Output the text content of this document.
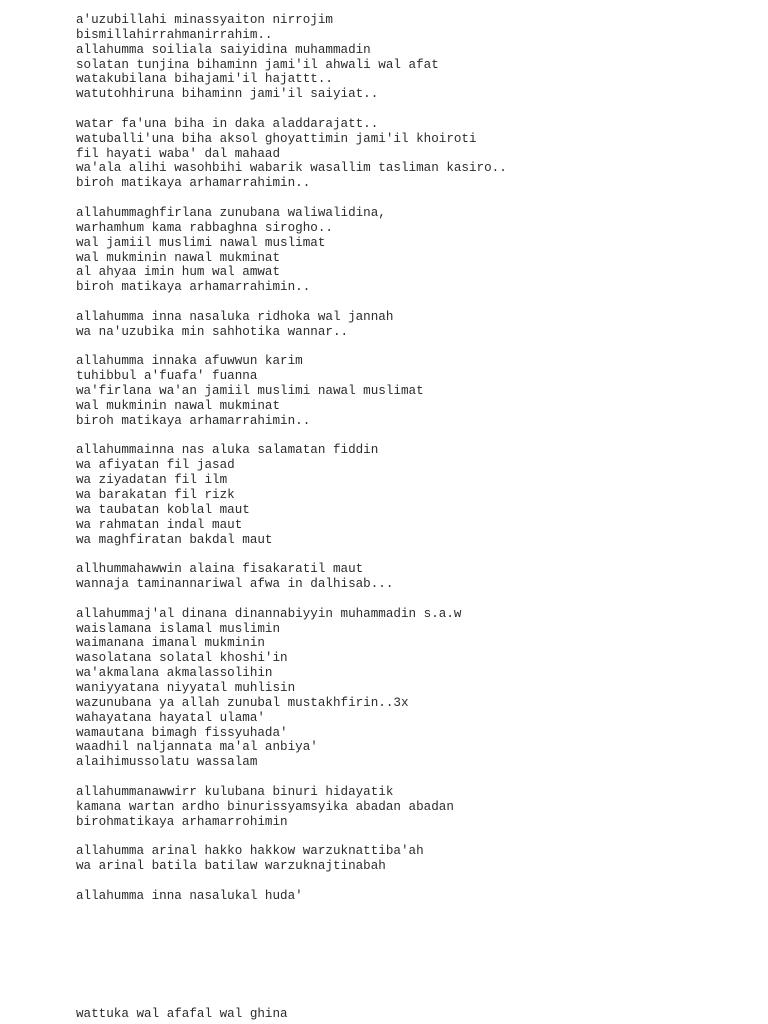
a'uzubillahi minassyaiton nirrojim
bismillahirrahmanirrahim..
allahumma soiliala saiyidina muhammadin
solatan tunjina bihaminn jami'il ahwali wal afat
watakubilana bihajami'il hajattt..
watutohhiruna bihaminn jami'il saiyiat..
watar fa'una biha in daka aladdarajatt..
watuballi'una biha aksol ghoyattimin jami'il khoiroti
fil hayati waba' dal mahaad
wa'ala alihi wasohbihi wabarik wasallim tasliman kasiro..
biroh matikaya arhamarrahimin..
allahummaghfirlana zunubana waliwalidina,
warhamhum kama rabbaghna sirogho..
wal jamiil muslimi nawal muslimat
wal mukminin nawal mukminat
al ahyaa imin hum wal amwat
biroh matikaya arhamarrahimin..
allahumma inna nasaluka ridhoka wal jannah
wa na'uzubika min sahhotika wannar..
allahumma innaka afuwwun karim
tuhibbul a'fuafa' fuanna
wa'firlana wa'an jamiil muslimi nawal muslimat
wal mukminin nawal mukminat
biroh matikaya arhamarrahimin..
allahummainna nas aluka salamatan fiddin
wa afiyatan fil jasad
wa ziyadatan fil ilm
wa barakatan fil rizk
wa taubatan koblal maut
wa rahmatan indal maut
wa maghfiratan bakdal maut
allhummahawwin alaina fisakaratil maut
wannaja taminannariwal afwa in dalhisab...
allahummaj'al dinana dinannabiyyin muhammadin s.a.w
waislamana islamal muslimin
waimanana imanal mukminin
wasolatana solatal khoshi'in
wa'akmalana akmalassolihin
waniyyatana niyyatal muhlisin
wazunubana ya allah zunubal mustakhfirin..3x
wahayatana hayatal ulama'
wamautana bimagh fissyuhada'
waadhil naljannata ma'al anbiya'
alaihimussolatu wassalam
allahummanawwirr kulubana binuri hidayatik
kamana wartan ardho binurissyamsyika abadan abadan
birohmatikaya arhamarrohimin
allahumma arinal hakko hakkow warzuknattiba'ah
wa arinal batila batilaw warzuknajtinabah
allahumma inna nasalukal huda'
wattuka wal afafal wal ghina
